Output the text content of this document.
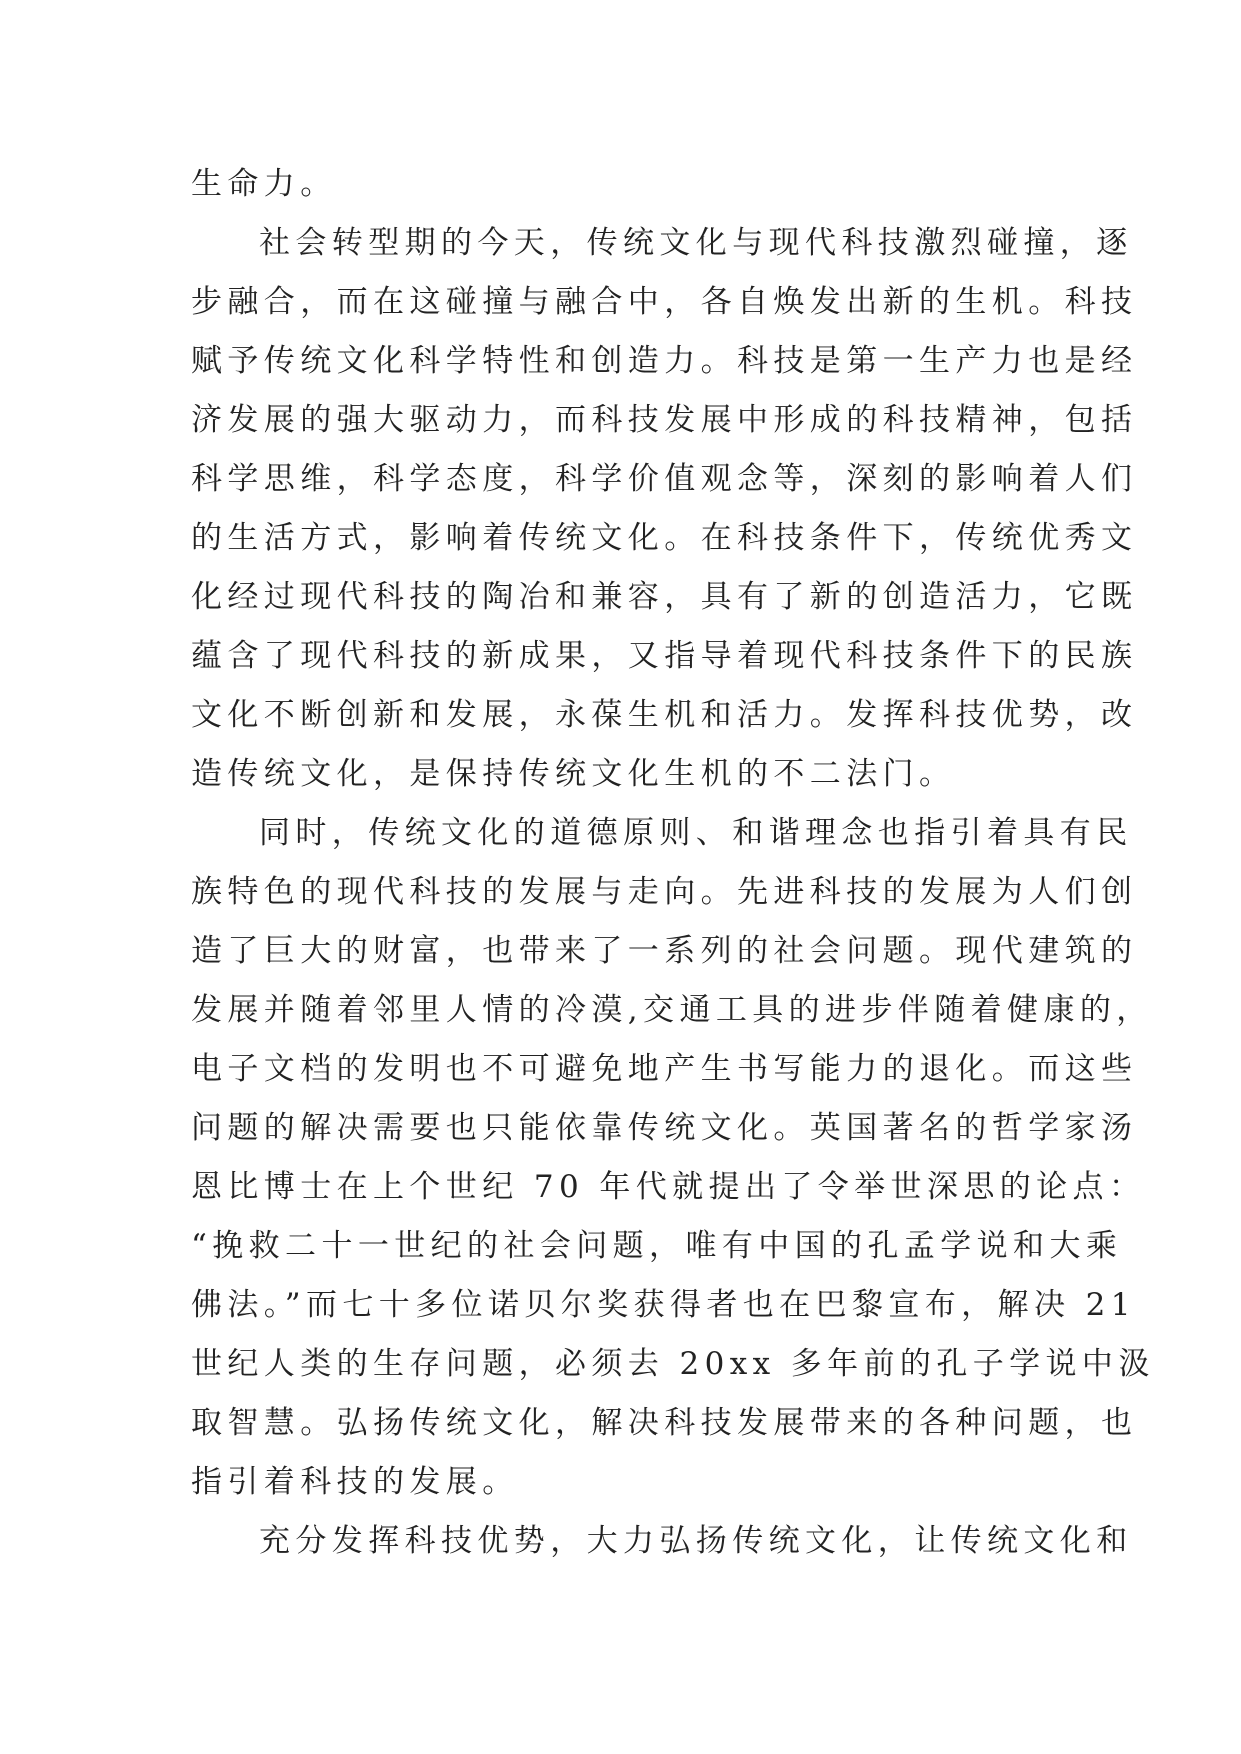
生命力。
社会转型期的今天，传统文化与现代科技激烈碰撞，逐
步融合，而在这碰撞与融合中，各自焕发出新的生机。科技
赋予传统文化科学特性和创造力。科技是第一生产力也是经
济发展的强大驱动力，而科技发展中形成的科技精神，包括
科学思维，科学态度，科学价值观念等，深刻的影响着人们
的生活方式，影响着传统文化。在科技条件下，传统优秀文
化经过现代科技的陶冶和兼容，具有了新的创造活力，它既
蕴含了现代科技的新成果，又指导着现代科技条件下的民族
文化不断创新和发展，永葆生机和活力。发挥科技优势，改
造传统文化，是保持传统文化生机的不二法门。
同时，传统文化的道德原则、和谐理念也指引着具有民
族特色的现代科技的发展与走向。先进科技的发展为人们创
造了巨大的财富，也带来了一系列的社会问题。现代建筑的
发展并随着邻里人情的冷漠,交通工具的进步伴随着健康的，
电子文档的发明也不可避免地产生书写能力的退化。而这些
问题的解决需要也只能依靠传统文化。英国著名的哲学家汤
恩比博士在上个世纪 70 年代就提出了令举世深思的论点：
“挽救二十一世纪的社会问题，唯有中国的孔孟学说和大乘
佛法。”而七十多位诺贝尔奖获得者也在巴黎宣布，解决 21
世纪人类的生存问题，必须去 20xx 多年前的孔子学说中汲
取智慧。弘扬传统文化，解决科技发展带来的各种问题，也
指引着科技的发展。
充分发挥科技优势，大力弘扬传统文化，让传统文化和
